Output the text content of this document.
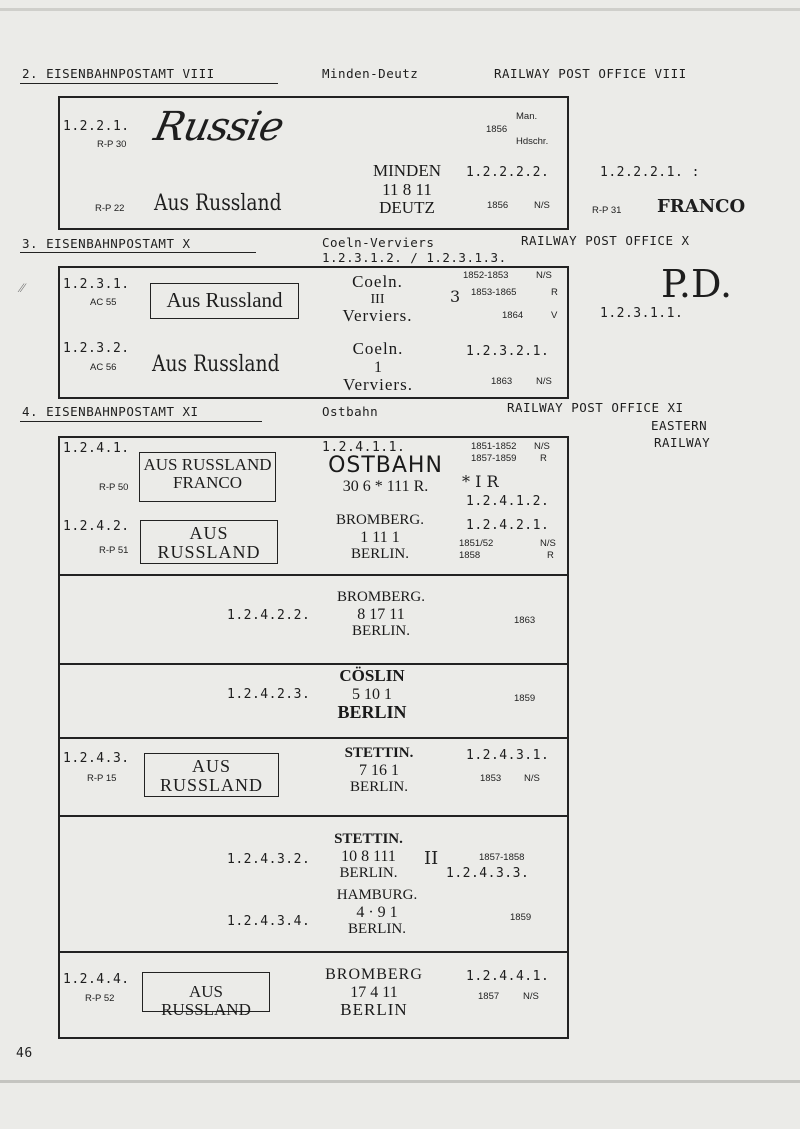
2. EISENBAHNPOSTAMT VIII	Minden-Deutz	RAILWAY POST OFFICE VIII
1.2.2.1.
R-P 30 Russie	Man.
1856
Hdschr.
R-P 22 Aus Russland
MINDEN
11 8 11
DEUTZ
1.2.2.2.2.
1856	N/S
1.2.2.2.1. :
R-P 31 FRANCO
3. EISENBAHNPOSTAMT X	Coeln-Verviers	RAILWAY POST OFFICE X
1.2.3.1.2. / 1.2.3.1.3.
⁄⁄	1.2.3.1.
AC 55	Aus Russland
Coeln.
III
Verviers.
3
1852-1853	N/S
1853-1865	R
1864	V
P.D.
1.2.3.1.1.
1.2.3.2.
AC 56 Aus Russland
Coeln.
1
Verviers.
1.2.3.2.1.
1863	N/S
4. EISENBAHNPOSTAMT XI	Ostbahn	RAILWAY POST OFFICE XI
EASTERN
RAILWAY
1.2.4.1.
R-P 50
AUS RUSSLAND
FRANCO
1.2.4.1.1.
OSTBAHN
30 6 * 111 R.
1851-1852 N/S
1857-1859 R
* I R
1.2.4.1.2.
1.2.4.2.
R-P 51
AUS
RUSSLAND
BROMBERG.
1 11 1
BERLIN.
1.2.4.2.1.
1851/52	N/S
1858	R
1.2.4.2.2.
BROMBERG.
8 17 11
BERLIN.
1863
1.2.4.2.3.
CÖSLIN
5 10 1
BERLIN
1859
1.2.4.3.
R-P 15
AUS
RUSSLAND
STETTIN.
7 16 1
BERLIN.
1.2.4.3.1.
1853 N/S
1.2.4.3.2.
STETTIN.
10 8 111
BERLIN.
II	1857-1858
1.2.4.3.3.
1.2.4.3.4.
HAMBURG.
4 · 9 1
BERLIN.
1859
1.2.4.4.
R-P 52	AUS RUSSLAND
BROMBERG
17 4 11
BERLIN
1.2.4.4.1.
1857	N/S
46
